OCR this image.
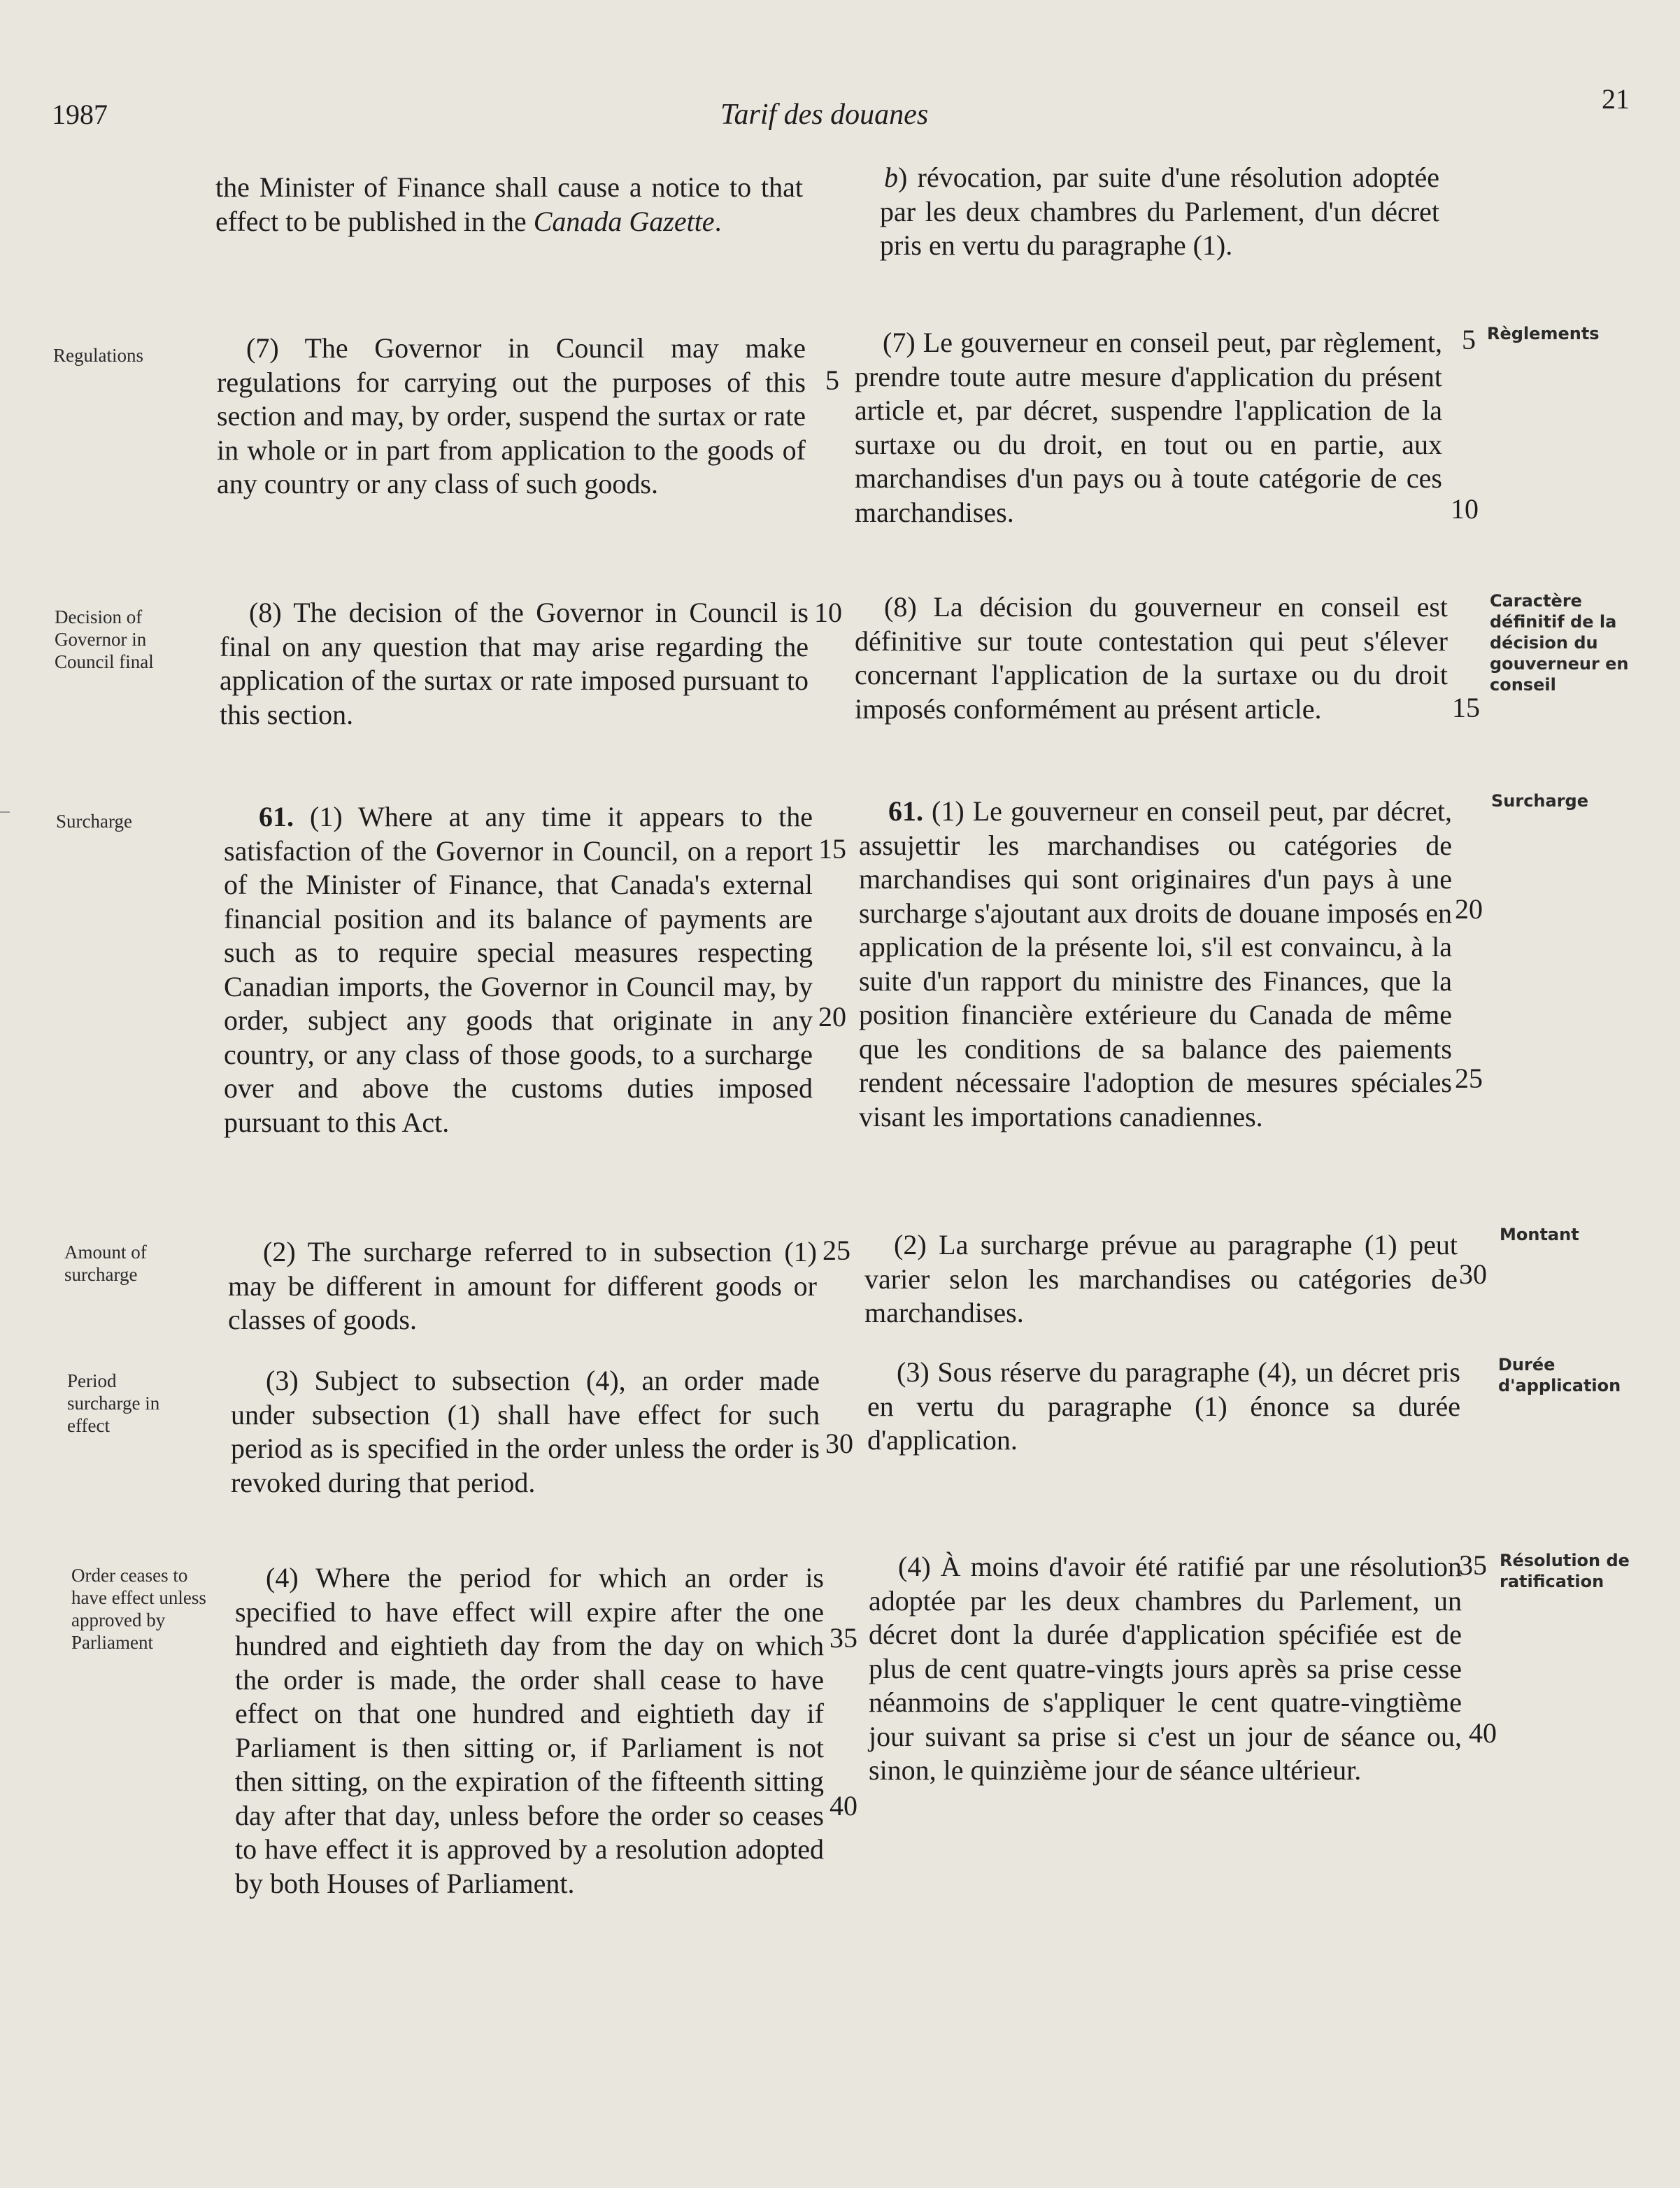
1987	Tarif des douanes	21
Regulations
Decision of Governor in Council final
Surcharge
Amount of surcharge
Period surcharge in effect
Order ceases to have effect unless approved by Parliament
Règlements
Caractère définitif de la décision du gouverneur en conseil
Surcharge
Montant
Durée d'application
Résolution de ratification
the Minister of Finance shall cause a notice to that effect to be published in the Canada Gazette.
(7) The Governor in Council may make regulations for carrying out the purposes of this section and may, by order, suspend the surtax or rate in whole or in part from application to the goods of any country or any class of such goods.
(8) The decision of the Governor in Council is final on any question that may arise regarding the application of the surtax or rate imposed pursuant to this section.
61. (1) Where at any time it appears to the satisfaction of the Governor in Council, on a report of the Minister of Finance, that Canada's external financial position and its balance of payments are such as to require special measures respecting Canadian imports, the Governor in Council may, by order, subject any goods that originate in any country, or any class of those goods, to a surcharge over and above the customs duties imposed pursuant to this Act.
(2) The surcharge referred to in subsection (1) may be different in amount for different goods or classes of goods.
(3) Subject to subsection (4), an order made under subsection (1) shall have effect for such period as is specified in the order unless the order is revoked during that period.
(4) Where the period for which an order is specified to have effect will expire after the one hundred and eightieth day from the day on which the order is made, the order shall cease to have effect on that one hundred and eightieth day if Parliament is then sitting or, if Parliament is not then sitting, on the expiration of the fifteenth sitting day after that day, unless before the order so ceases to have effect it is approved by a resolution adopted by both Houses of Parliament.
5
10
15
20
25
30
35
40
b) révocation, par suite d'une résolution adoptée par les deux chambres du Parlement, d'un décret pris en vertu du paragraphe (1).
(7) Le gouverneur en conseil peut, par règlement, prendre toute autre mesure d'application du présent article et, par décret, suspendre l'application de la surtaxe ou du droit, en tout ou en partie, aux marchandises d'un pays ou à toute catégorie de ces marchandises.
(8) La décision du gouverneur en conseil est définitive sur toute contestation qui peut s'élever concernant l'application de la surtaxe ou du droit imposés conformément au présent article.
61. (1) Le gouverneur en conseil peut, par décret, assujettir les marchandises ou catégories de marchandises qui sont originaires d'un pays à une surcharge s'ajoutant aux droits de douane imposés en application de la présente loi, s'il est convaincu, à la suite d'un rapport du ministre des Finances, que la position financière extérieure du Canada de même que les conditions de sa balance des paiements rendent nécessaire l'adoption de mesures spéciales visant les importations canadiennes.
(2) La surcharge prévue au paragraphe (1) peut varier selon les marchandises ou catégories de marchandises.
(3) Sous réserve du paragraphe (4), un décret pris en vertu du paragraphe (1) énonce sa durée d'application.
(4) À moins d'avoir été ratifié par une résolution adoptée par les deux chambres du Parlement, un décret dont la durée d'application spécifiée est de plus de cent quatre-vingts jours après sa prise cesse néanmoins de s'appliquer le cent quatre-vingtième jour suivant sa prise si c'est un jour de séance ou, sinon, le quinzième jour de séance ultérieur.
5
10
15
20
25
30
35
40
